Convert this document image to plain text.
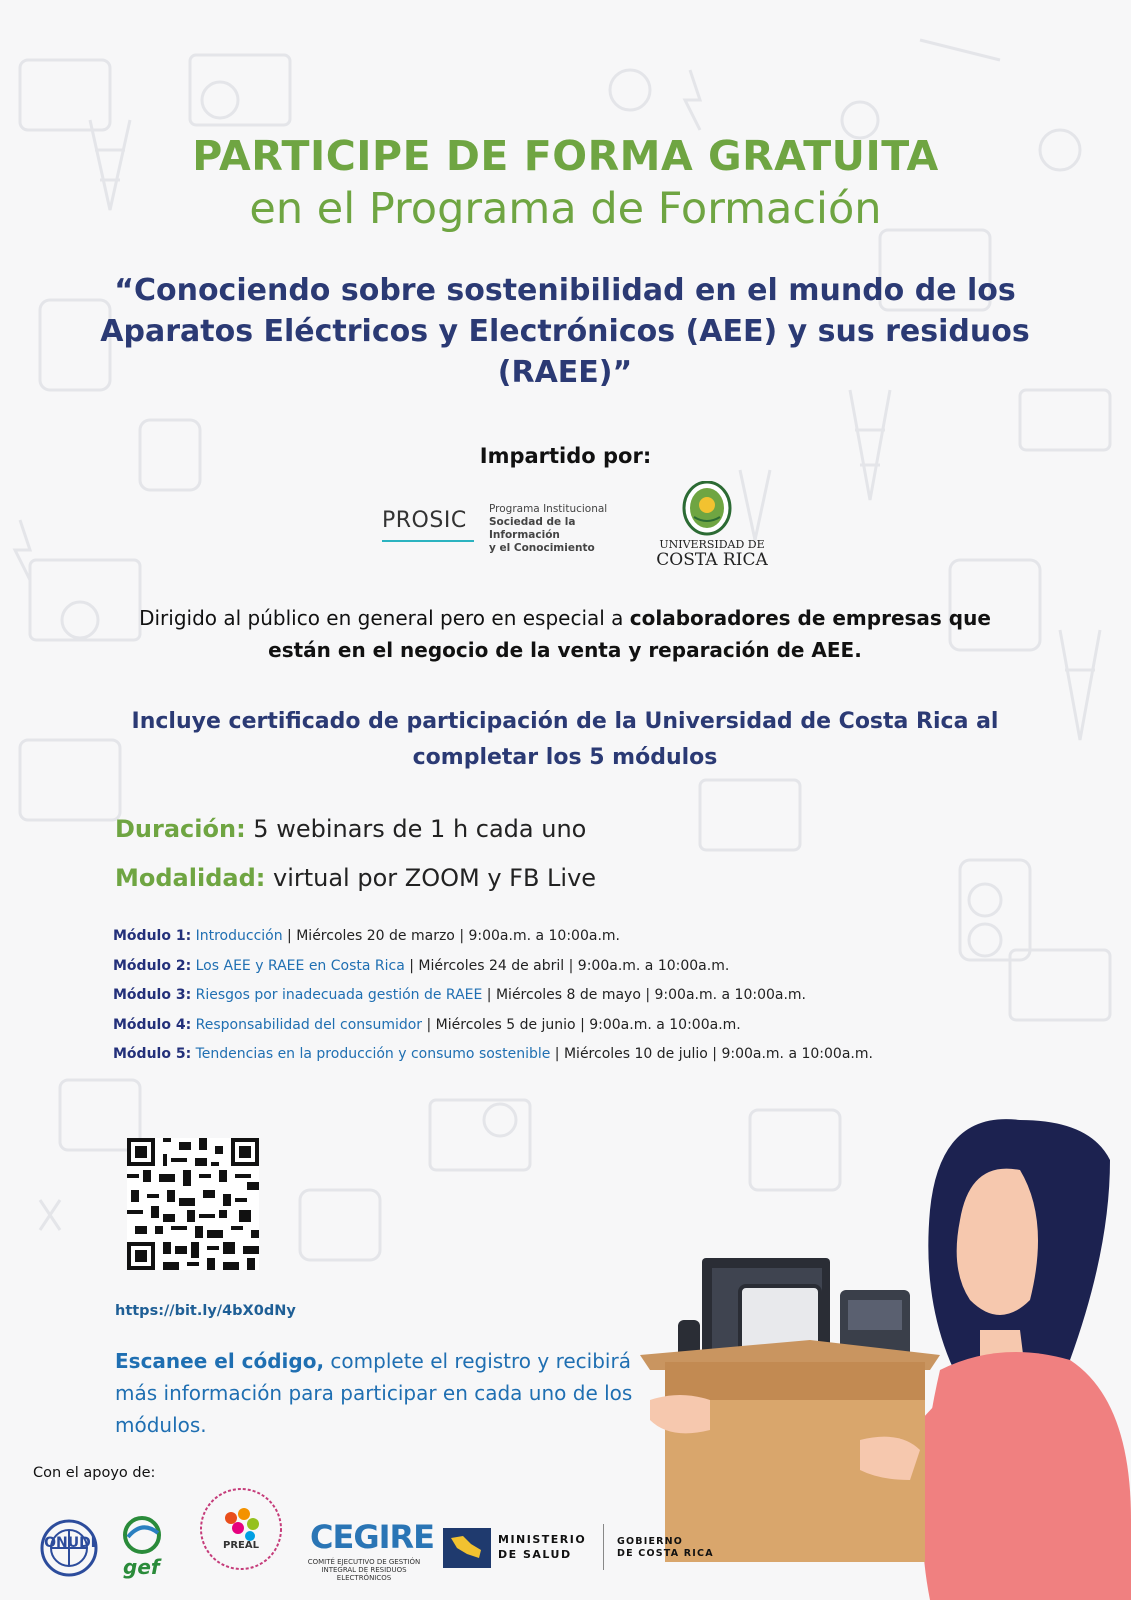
PARTICIPE DE FORMA GRATUITA
en el Programa de Formación
“Conociendo sobre sostenibilidad en el mundo de los Aparatos Eléctricos y Electrónicos (AEE) y sus residuos (RAEE)”
Impartido por:
PROSIC Programa Institucional
Sociedad de la Información
y el Conocimiento	UNIVERSIDAD DE
COSTA RICA
Dirigido al público en general pero en especial a colaboradores de empresas que están en el negocio de la venta y reparación de AEE.
Incluye certificado de participación de la Universidad de Costa Rica al completar los 5 módulos
Duración: 5 webinars de 1 h cada uno
Modalidad: virtual por ZOOM y FB Live
Módulo 1: Introducción | Miércoles 20 de marzo | 9:00a.m. a 10:00a.m.
Módulo 2: Los AEE y RAEE en Costa Rica | Miércoles 24 de abril | 9:00a.m. a 10:00a.m.
Módulo 3: Riesgos por inadecuada gestión de RAEE | Miércoles 8 de mayo | 9:00a.m. a 10:00a.m.
Módulo 4: Responsabilidad del consumidor | Miércoles 5 de junio | 9:00a.m. a 10:00a.m.
Módulo 5: Tendencias en la producción y consumo sostenible | Miércoles 10 de julio | 9:00a.m. a 10:00a.m.
https://bit.ly/4bX0dNy
Escanee el código, complete el registro y recibirá más información para participar en cada uno de los módulos.
Con el apoyo de:
ONUDI
gef
PREAL	CEGIRE
COMITÉ EJECUTIVO DE GESTIÓN INTEGRAL DE RESIDUOS ELECTRÓNICOS
MINISTERIO
DE SALUD
GOBIERNO
DE COSTA RICA
